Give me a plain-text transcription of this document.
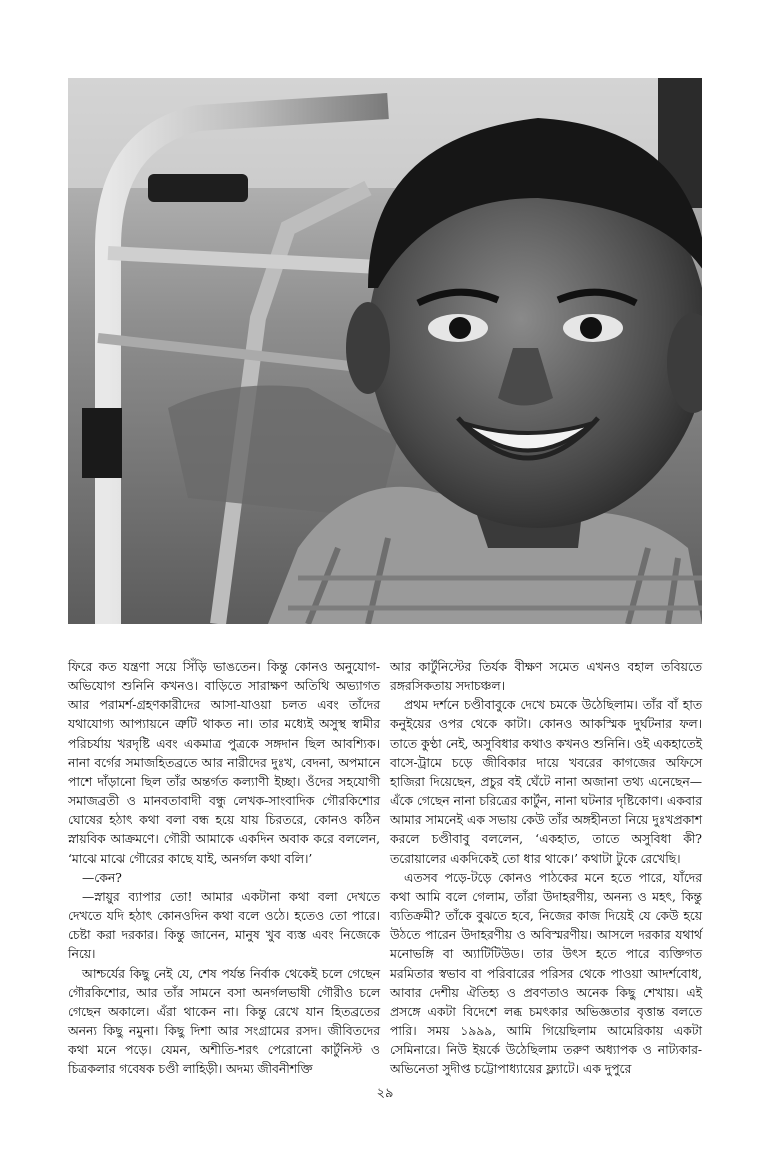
ফিরে কত যন্ত্রণা সয়ে সিঁড়ি ভাঙতেন। কিন্তু কোনও অনুযোগ-অভিযোগ শুনিনি কখনও। বাড়িতে সারাক্ষণ অতিথি অভ্যাগত আর পরামর্শ-গ্রহণকারীদের আসা-যাওয়া চলত এবং তাঁদের যথাযোগ্য আপ্যায়নে ত্রুটি থাকত না। তার মধ্যেই অসুস্থ স্বামীর পরিচর্যায় খরদৃষ্টি এবং একমাত্র পুত্রকে সঙ্গদান ছিল আবশ্যিক। নানা বর্গের সমাজহিতব্রতে আর নারীদের দুঃখ, বেদনা, অপমানে পাশে দাঁড়ানো ছিল তাঁর অন্তর্গত কল্যাণী ইচ্ছা। ওঁদের সহযোগী সমাজব্রতী ও মানবতাবাদী বন্ধু লেখক-সাংবাদিক গৌরকিশোর ঘোষের হঠাৎ কথা বলা বন্ধ হয়ে যায় চিরতরে, কোনও কঠিন স্নায়বিক আক্রমণে। গৌরী আমাকে একদিন অবাক করে বললেন, ‘মাঝে মাঝে গৌরের কাছে যাই, অনর্গল কথা বলি।’

—কেন?

—স্নায়ুর ব্যাপার তো! আমার একটানা কথা বলা দেখতে দেখতে যদি হঠাৎ কোনওদিন কথা বলে ওঠে। হতেও তো পারে। চেষ্টা করা দরকার। কিন্তু জানেন, মানুষ খুব ব্যস্ত এবং নিজেকে নিয়ে।

আশ্চর্যের কিছু নেই যে, শেষ পর্যন্ত নির্বাক থেকেই চলে গেছেন গৌরকিশোর, আর তাঁর সামনে বসা অনর্গলভাষী গৌরীও চলে গেছেন অকালে। এঁরা থাকেন না। কিন্তু রেখে যান হিতব্রতের অনন্য কিছু নমুনা। কিছু দিশা আর সংগ্রামের রসদ। জীবিতদের কথা মনে পড়ে। যেমন, অশীতি-শরৎ পেরোনো কার্টুনিস্ট ও চিত্রকলার গবেষক চণ্ডী লাহিড়ী। অদম্য জীবনীশক্তি

আর কার্টুনিস্টের তির্যক বীক্ষণ সমেত এখনও বহাল তবিয়তে রঙ্গরসিকতায় সদাচঞ্চল।

প্রথম দর্শনে চণ্ডীবাবুকে দেখে চমকে উঠেছিলাম। তাঁর বাঁ হাত কনুইয়ের ওপর থেকে কাটা। কোনও আকস্মিক দুর্ঘটনার ফল। তাতে কুণ্ঠা নেই, অসুবিধার কথাও কখনও শুনিনি। ওই একহাতেই বাসে-ট্রামে চড়ে জীবিকার দায়ে খবরের কাগজের অফিসে হাজিরা দিয়েছেন, প্রচুর বই ঘেঁটে নানা অজানা তথ্য এনেছেন—এঁকে গেছেন নানা চরিত্রের কার্টুন, নানা ঘটনার দৃষ্টিকোণ। একবার আমার সামনেই এক সভায় কেউ তাঁর অঙ্গহীনতা নিয়ে দুঃখপ্রকাশ করলে চণ্ডীবাবু বললেন, ‘একহাত, তাতে অসুবিধা কী? তরোয়ালের একদিকেই তো ধার থাকে।’ কথাটা টুকে রেখেছি।

এতসব পড়ে-টড়ে কোনও পাঠকের মনে হতে পারে, যাঁদের কথা আমি বলে গেলাম, তাঁরা উদাহরণীয়, অনন্য ও মহৎ, কিন্তু ব্যতিক্রমী? তাঁকে বুঝতে হবে, নিজের কাজ দিয়েই যে কেউ হয়ে উঠতে পারেন উদাহরণীয় ও অবিস্মরণীয়। আসলে দরকার যথার্থ মনোভঙ্গি বা অ্যাটিটিউড। তার উৎস হতে পারে ব্যক্তিগত মরমিতার স্বভাব বা পরিবারের পরিসর থেকে পাওয়া আদর্শবোধ, আবার দেশীয় ঐতিহ্য ও প্রবণতাও অনেক কিছু শেখায়। এই প্রসঙ্গে একটা বিদেশে লব্ধ চমৎকার অভিজ্ঞতার বৃত্তান্ত বলতে পারি। সময় ১৯৯৯, আমি গিয়েছিলাম আমেরিকায় একটা সেমিনারে। নিউ ইয়র্কে উঠেছিলাম তরুণ অধ্যাপক ও নাট্যকার-অভিনেতা সুদীপ্ত চট্টোপাধ্যায়ের ফ্ল্যাটে। এক দুপুরে

২৯
